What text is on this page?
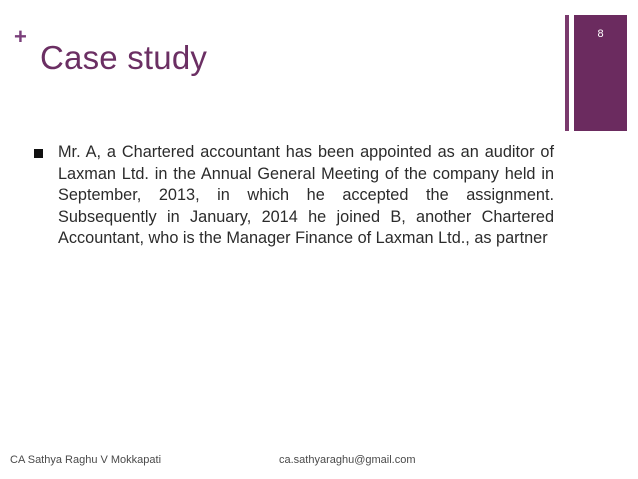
+
Case study
8
Mr. A, a Chartered accountant has been appointed as an auditor of Laxman Ltd. in the Annual General Meeting of the company held in September, 2013, in which he accepted the assignment. Subsequently in January, 2014 he joined B, another Chartered Accountant, who is the Manager Finance of Laxman Ltd., as partner
CA Sathya Raghu V Mokkapati	ca.sathyaraghu@gmail.com
